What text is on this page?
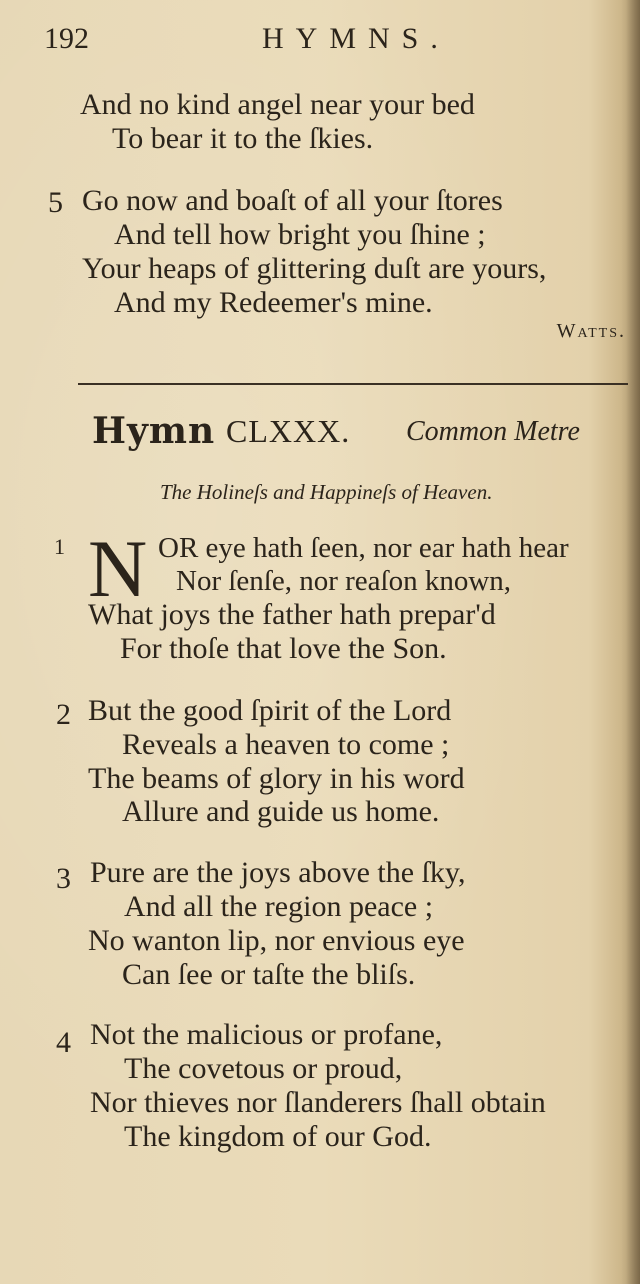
192	HYMNS.
And no kind angel near your bed
To bear it to the ſkies.
5 Go now and boaſt of all your ſtores
And tell how bright you ſhine ;
Your heaps of glittering duſt are yours,
And my Redeemer's mine.
Watts.
Hymn CLXXX. Common Metre
The Holineſs and Happineſs of Heaven.
1 N OR eye hath ſeen, nor ear hath hear
Nor ſenſe, nor reaſon known,
What joys the father hath prepar'd
For thoſe that love the Son.
2 But the good ſpirit of the Lord
Reveals a heaven to come ;
The beams of glory in his word
Allure and guide us home.
3 Pure are the joys above the ſky,
And all the region peace ;
No wanton lip, nor envious eye
Can ſee or taſte the bliſs.
4 Not the malicious or profane,
The covetous or proud,
Nor thieves nor ſlanderers ſhall obtain
The kingdom of our God.
